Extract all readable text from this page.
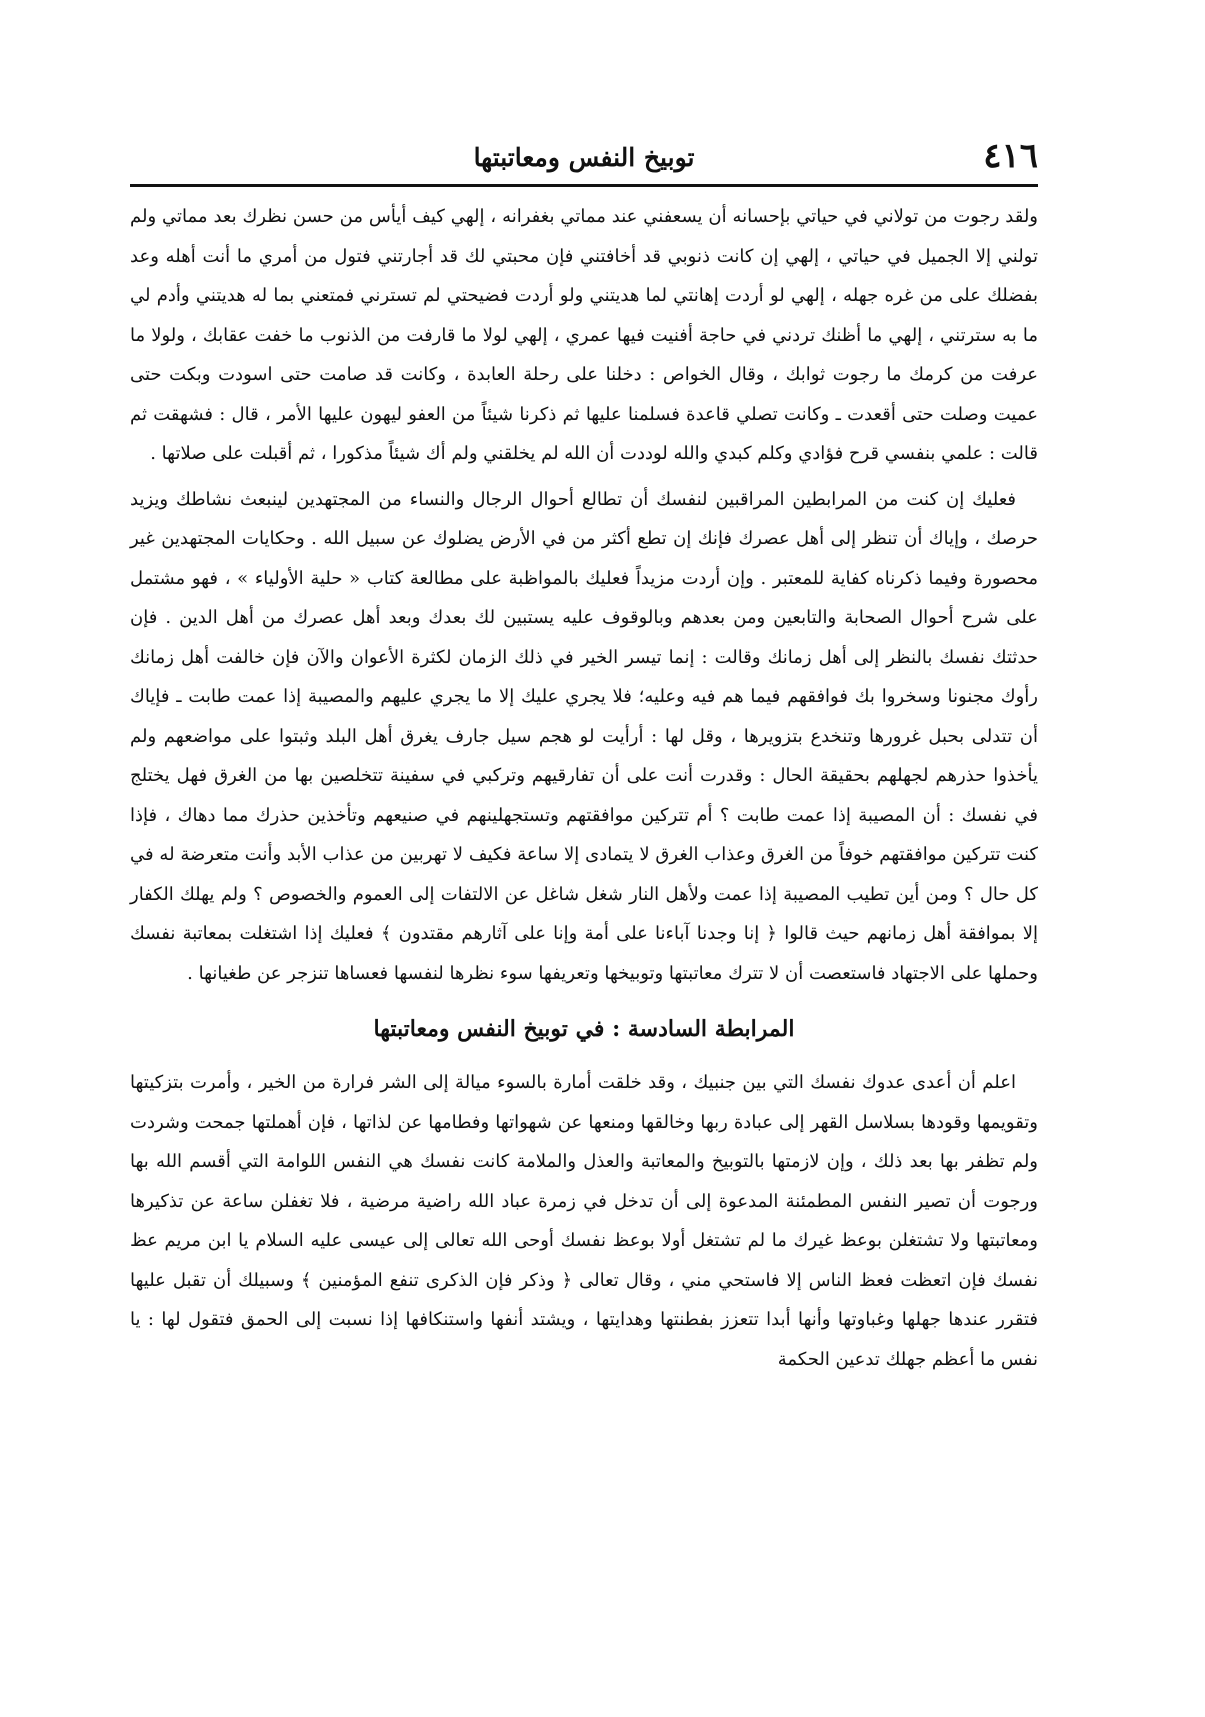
٤١٦
توبيخ النفس ومعاتبتها

ولقد رجوت من تولاني في حياتي بإحسانه أن يسعفني عند مماتي بغفرانه ، إلهي كيف أيأس من حسن نظرك بعد مماتي ولم تولني إلا الجميل في حياتي ، إلهي إن كانت ذنوبي قد أخافتني فإن محبتي لك قد أجارتني فتول من أمري ما أنت أهله وعد بفضلك على من غره جهله ، إلهي لو أردت إهانتي لما هديتني ولو أردت فضيحتي لم تسترني فمتعني بما له هديتني وأدم لي ما به سترتني ، إلهي ما أظنك تردني في حاجة أفنيت فيها عمري ، إلهي لولا ما قارفت من الذنوب ما خفت عقابك ، ولولا ما عرفت من كرمك ما رجوت ثوابك ، وقال الخواص : دخلنا على رحلة العابدة ، وكانت قد صامت حتى اسودت وبكت حتى عميت وصلت حتى أقعدت ـ وكانت تصلي قاعدة فسلمنا عليها ثم ذكرنا شيئاً من العفو ليهون عليها الأمر ، قال : فشهقت ثم قالت : علمي بنفسي قرح فؤادي وكلم كبدي والله لوددت أن الله لم يخلقني ولم أك شيئاً مذكورا ، ثم أقبلت على صلاتها .

فعليك إن كنت من المرابطين المراقبين لنفسك أن تطالع أحوال الرجال والنساء من المجتهدين لينبعث نشاطك ويزيد حرصك ، وإياك أن تنظر إلى أهل عصرك فإنك إن تطع أكثر من في الأرض يضلوك عن سبيل الله . وحكايات المجتهدين غير محصورة وفيما ذكرناه كفاية للمعتبر . وإن أردت مزيداً فعليك بالمواظبة على مطالعة كتاب « حلية الأولياء » ، فهو مشتمل على شرح أحوال الصحابة والتابعين ومن بعدهم وبالوقوف عليه يستبين لك بعدك وبعد أهل عصرك من أهل الدين . فإن حدثتك نفسك بالنظر إلى أهل زمانك وقالت : إنما تيسر الخير في ذلك الزمان لكثرة الأعوان والآن فإن خالفت أهل زمانك رأوك مجنونا وسخروا بك فوافقهم فيما هم فيه وعليه؛ فلا يجري عليك إلا ما يجري عليهم والمصيبة إذا عمت طابت ـ فإياك أن تتدلى بحبل غرورها وتنخدع بتزويرها ، وقل لها : أرأيت لو هجم سيل جارف يغرق أهل البلد وثبتوا على مواضعهم ولم يأخذوا حذرهم لجهلهم بحقيقة الحال : وقدرت أنت على أن تفارقيهم وتركبي في سفينة تتخلصين بها من الغرق فهل يختلج في نفسك : أن المصيبة إذا عمت طابت ؟ أم تتركين موافقتهم وتستجهلينهم في صنيعهم وتأخذين حذرك مما دهاك ، فإذا كنت تتركين موافقتهم خوفاً من الغرق وعذاب الغرق لا يتمادى إلا ساعة فكيف لا تهربين من عذاب الأبد وأنت متعرضة له في كل حال ؟ ومن أين تطيب المصيبة إذا عمت ولأهل النار شغل شاغل عن الالتفات إلى العموم والخصوص ؟ ولم يهلك الكفار إلا بموافقة أهل زمانهم حيث قالوا ﴿ إنا وجدنا آباءنا على أمة وإنا على آثارهم مقتدون ﴾ فعليك إذا اشتغلت بمعاتبة نفسك وحملها على الاجتهاد فاستعصت أن لا تترك معاتبتها وتوبيخها وتعريفها سوء نظرها لنفسها فعساها تنزجر عن طغيانها .

المرابطة السادسة : في توبيخ النفس ومعاتبتها

اعلم أن أعدى عدوك نفسك التي بين جنبيك ، وقد خلقت أمارة بالسوء ميالة إلى الشر فرارة من الخير ، وأمرت بتزكيتها وتقويمها وقودها بسلاسل القهر إلى عبادة ربها وخالقها ومنعها عن شهواتها وفطامها عن لذاتها ، فإن أهملتها جمحت وشردت ولم تظفر بها بعد ذلك ، وإن لازمتها بالتوبيخ والمعاتبة والعذل والملامة كانت نفسك هي النفس اللوامة التي أقسم الله بها ورجوت أن تصير النفس المطمئنة المدعوة إلى أن تدخل في زمرة عباد الله راضية مرضية ، فلا تغفلن ساعة عن تذكيرها ومعاتبتها ولا تشتغلن بوعظ غيرك ما لم تشتغل أولا بوعظ نفسك أوحى الله تعالى إلى عيسى عليه السلام يا ابن مريم عظ نفسك فإن اتعظت فعظ الناس إلا فاستحي مني ، وقال تعالى ﴿ وذكر فإن الذكرى تنفع المؤمنين ﴾ وسبيلك أن تقبل عليها فتقرر عندها جهلها وغباوتها وأنها أبدا تتعزز بفطنتها وهدايتها ، ويشتد أنفها واستنكافها إذا نسبت إلى الحمق فتقول لها : يا نفس ما أعظم جهلك تدعين الحكمة
